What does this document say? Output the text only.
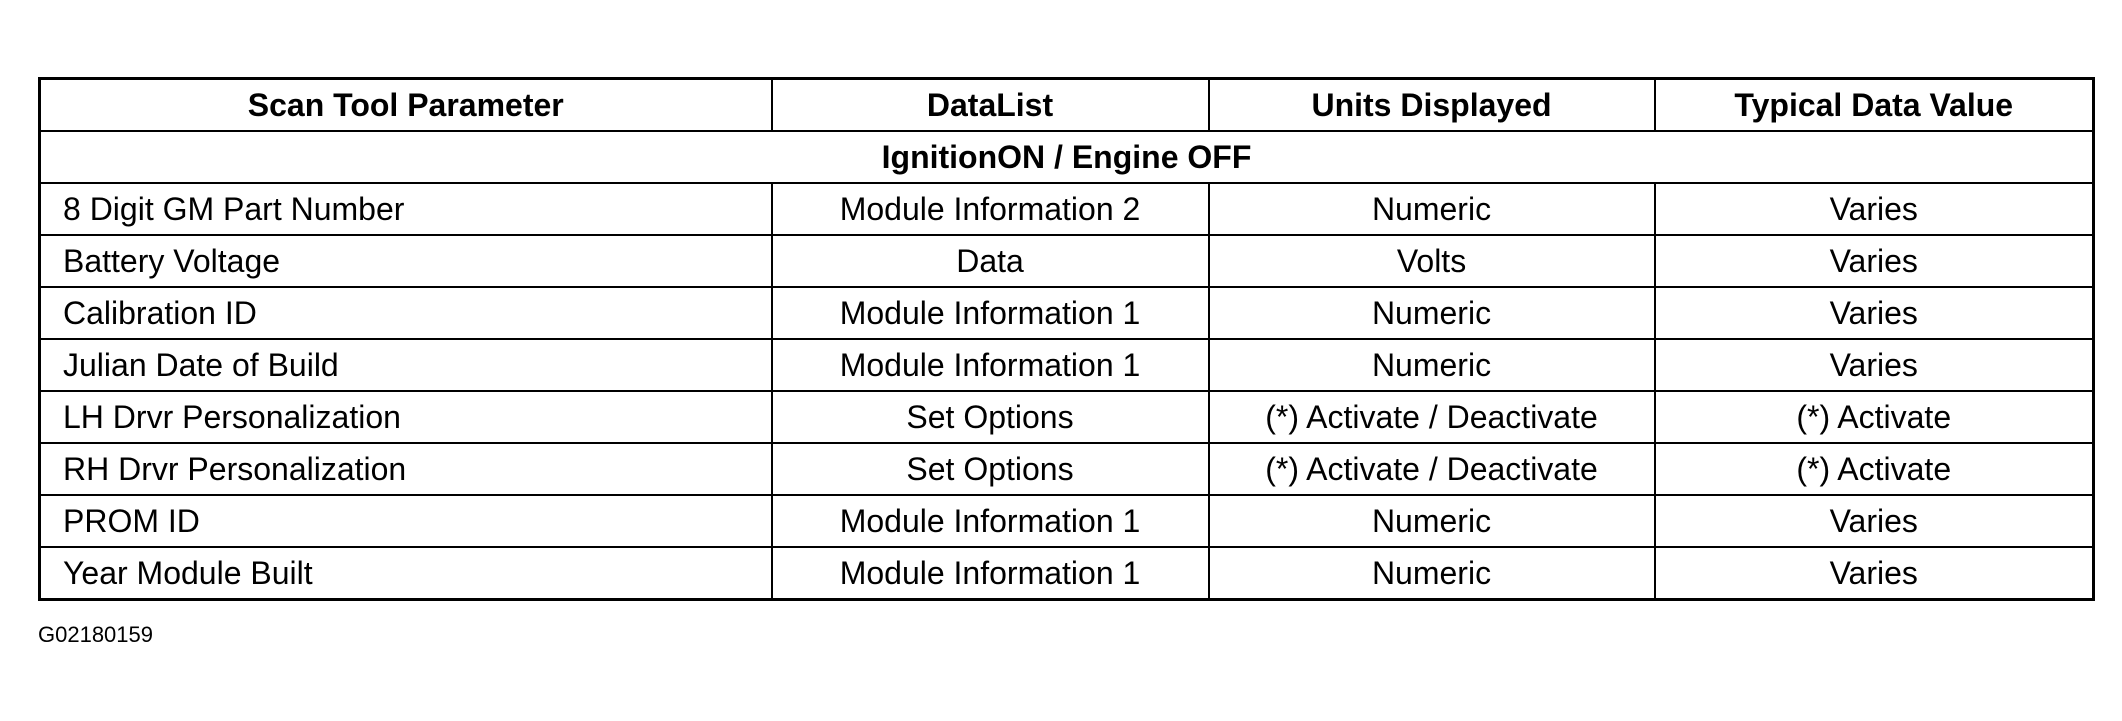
Scan Tool Parameter	DataList	Units Displayed	Typical Data Value
IgnitionON / Engine OFF			
8 Digit GM Part Number	Module Information 2	Numeric	Varies
Battery Voltage	Data	Volts	Varies
Calibration ID	Module Information 1	Numeric	Varies
Julian Date of Build	Module Information 1	Numeric	Varies
LH Drvr Personalization	Set Options	(*) Activate / Deactivate	(*) Activate
RH Drvr Personalization	Set Options	(*) Activate / Deactivate	(*) Activate
PROM ID	Module Information 1	Numeric	Varies
Year Module Built	Module Information 1	Numeric	Varies
G02180159
